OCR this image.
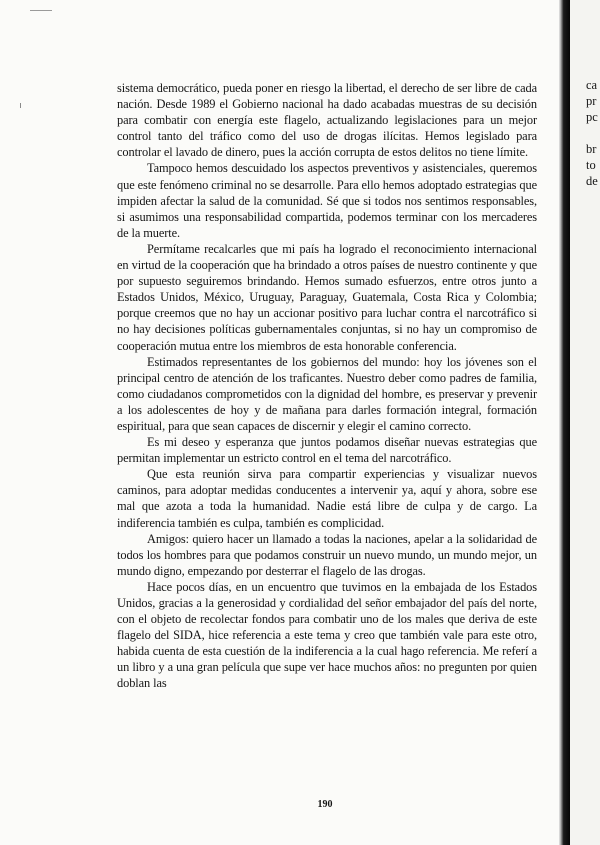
sistema democrático, pueda poner en riesgo la libertad, el derecho de ser libre de cada nación. Desde 1989 el Gobierno nacional ha dado acabadas muestras de su decisión para combatir con energía este flagelo, actualizando legislaciones para un mejor control tanto del tráfico como del uso de drogas ilícitas. Hemos legislado para controlar el lavado de dinero, pues la acción corrupta de estos delitos no tiene límite.

Tampoco hemos descuidado los aspectos preventivos y asistenciales, queremos que este fenómeno criminal no se desarrolle. Para ello hemos adoptado estrategias que impiden afectar la salud de la comunidad. Sé que si todos nos sentimos responsables, si asumimos una responsabilidad compartida, podemos terminar con los mercaderes de la muerte.

Permítame recalcarles que mi país ha logrado el reconocimiento internacional en virtud de la cooperación que ha brindado a otros países de nuestro continente y que por supuesto seguiremos brindando. Hemos sumado esfuerzos, entre otros junto a Estados Unidos, México, Uruguay, Paraguay, Guatemala, Costa Rica y Colombia; porque creemos que no hay un accionar positivo para luchar contra el narcotráfico si no hay decisiones políticas gubernamentales conjuntas, si no hay un compromiso de cooperación mutua entre los miembros de esta honorable conferencia.

Estimados representantes de los gobiernos del mundo: hoy los jóvenes son el principal centro de atención de los traficantes. Nuestro deber como padres de familia, como ciudadanos comprometidos con la dignidad del hombre, es preservar y prevenir a los adolescentes de hoy y de mañana para darles formación integral, formación espiritual, para que sean capaces de discernir y elegir el camino correcto.

Es mi deseo y esperanza que juntos podamos diseñar nuevas estrategias que permitan implementar un estricto control en el tema del narcotráfico.

Que esta reunión sirva para compartir experiencias y visualizar nuevos caminos, para adoptar medidas conducentes a intervenir ya, aquí y ahora, sobre ese mal que azota a toda la humanidad. Nadie está libre de culpa y de cargo. La indiferencia también es culpa, también es complicidad.

Amigos: quiero hacer un llamado a todas la naciones, apelar a la solidaridad de todos los hombres para que podamos construir un nuevo mundo, un mundo mejor, un mundo digno, empezando por desterrar el flagelo de las drogas.

Hace pocos días, en un encuentro que tuvimos en la embajada de los Estados Unidos, gracias a la generosidad y cordialidad del señor embajador del país del norte, con el objeto de recolectar fondos para combatir uno de los males que deriva de este flagelo del SIDA, hice referencia a este tema y creo que también vale para este otro, habida cuenta de esta cuestión de la indiferencia a la cual hago referencia. Me referí a un libro y a una gran película que supe ver hace muchos años: no pregunten por quien doblan las

190
ca
pr
pc
br
to
de
